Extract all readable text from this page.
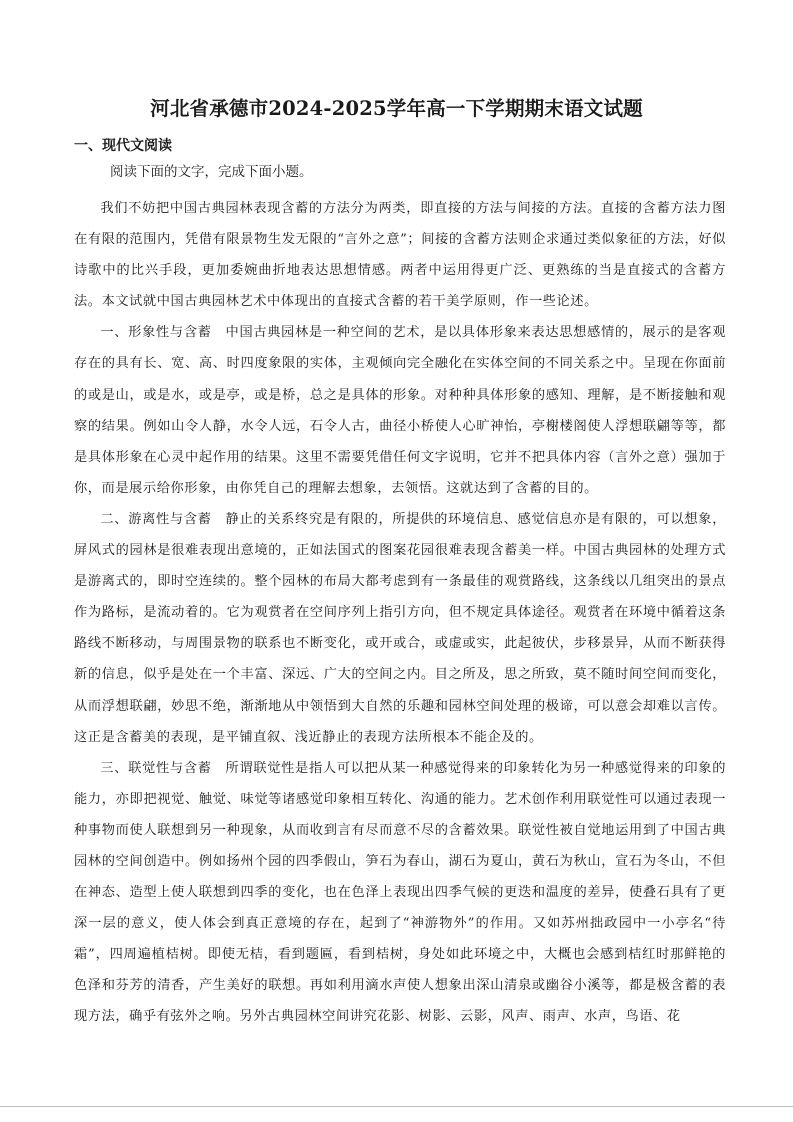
河北省承德市2024-2025学年高一下学期期末语文试题
一、现代文阅读
阅读下面的文字，完成下面小题。

我们不妨把中国古典园林表现含蓄的方法分为两类，即直接的方法与间接的方法。直接的含蓄方法力图在有限的范围内，凭借有限景物生发无限的“言外之意”；间接的含蓄方法则企求通过类似象征的方法，好似诗歌中的比兴手段，更加委婉曲折地表达思想情感。两者中运用得更广泛、更熟练的当是直接式的含蓄方法。本文试就中国古典园林艺术中体现出的直接式含蓄的若干美学原则，作一些论述。

一、形象性与含蓄　中国古典园林是一种空间的艺术，是以具体形象来表达思想感情的，展示的是客观存在的具有长、宽、高、时四度象限的实体，主观倾向完全融化在实体空间的不同关系之中。呈现在你面前的或是山，或是水，或是亭，或是桥，总之是具体的形象。对种种具体形象的感知、理解，是不断接触和观察的结果。例如山令人静，水令人远，石令人古，曲径小桥使人心旷神怡，亭榭楼阁使人浮想联翩等等，都是具体形象在心灵中起作用的结果。这里不需要凭借任何文字说明，它并不把具体内容（言外之意）强加于你，而是展示给你形象，由你凭自己的理解去想象，去领悟。这就达到了含蓄的目的。

二、游离性与含蓄　静止的关系终究是有限的，所提供的环境信息、感觉信息亦是有限的，可以想象，屏风式的园林是很难表现出意境的，正如法国式的图案花园很难表现含蓄美一样。中国古典园林的处理方式是游离式的，即时空连续的。整个园林的布局大都考虑到有一条最佳的观赏路线，这条线以几组突出的景点作为路标，是流动着的。它为观赏者在空间序列上指引方向，但不规定具体途径。观赏者在环境中循着这条路线不断移动，与周围景物的联系也不断变化，或开或合，或虚或实，此起彼伏，步移景异，从而不断获得新的信息，似乎是处在一个丰富、深远、广大的空间之内。目之所及，思之所致，莫不随时间空间而变化，从而浮想联翩，妙思不绝，渐渐地从中领悟到大自然的乐趣和园林空间处理的极谛，可以意会却难以言传。这正是含蓄美的表现，是平铺直叙、浅近静止的表现方法所根本不能企及的。

三、联觉性与含蓄　所谓联觉性是指人可以把从某一种感觉得来的印象转化为另一种感觉得来的印象的能力，亦即把视觉、触觉、味觉等诸感觉印象相互转化、沟通的能力。艺术创作利用联觉性可以通过表现一种事物而使人联想到另一种现象，从而收到言有尽而意不尽的含蓄效果。联觉性被自觉地运用到了中国古典园林的空间创造中。例如扬州个园的四季假山，笋石为春山，湖石为夏山，黄石为秋山，宣石为冬山，不但在神态、造型上使人联想到四季的变化，也在色泽上表现出四季气候的更迭和温度的差异，使叠石具有了更深一层的意义，使人体会到真正意境的存在，起到了“神游物外”的作用。又如苏州拙政园中一小亭名“待霜”，四周遍植桔树。即使无桔，看到题匾，看到桔树，身处如此环境之中，大概也会感到桔红时那鲜艳的色泽和芬芳的清香，产生美好的联想。再如利用滴水声使人想象出深山清泉或幽谷小溪等，都是极含蓄的表现方法，确乎有弦外之响。另外古典园林空间讲究花影、树影、云影，风声、雨声、水声，鸟语、花
